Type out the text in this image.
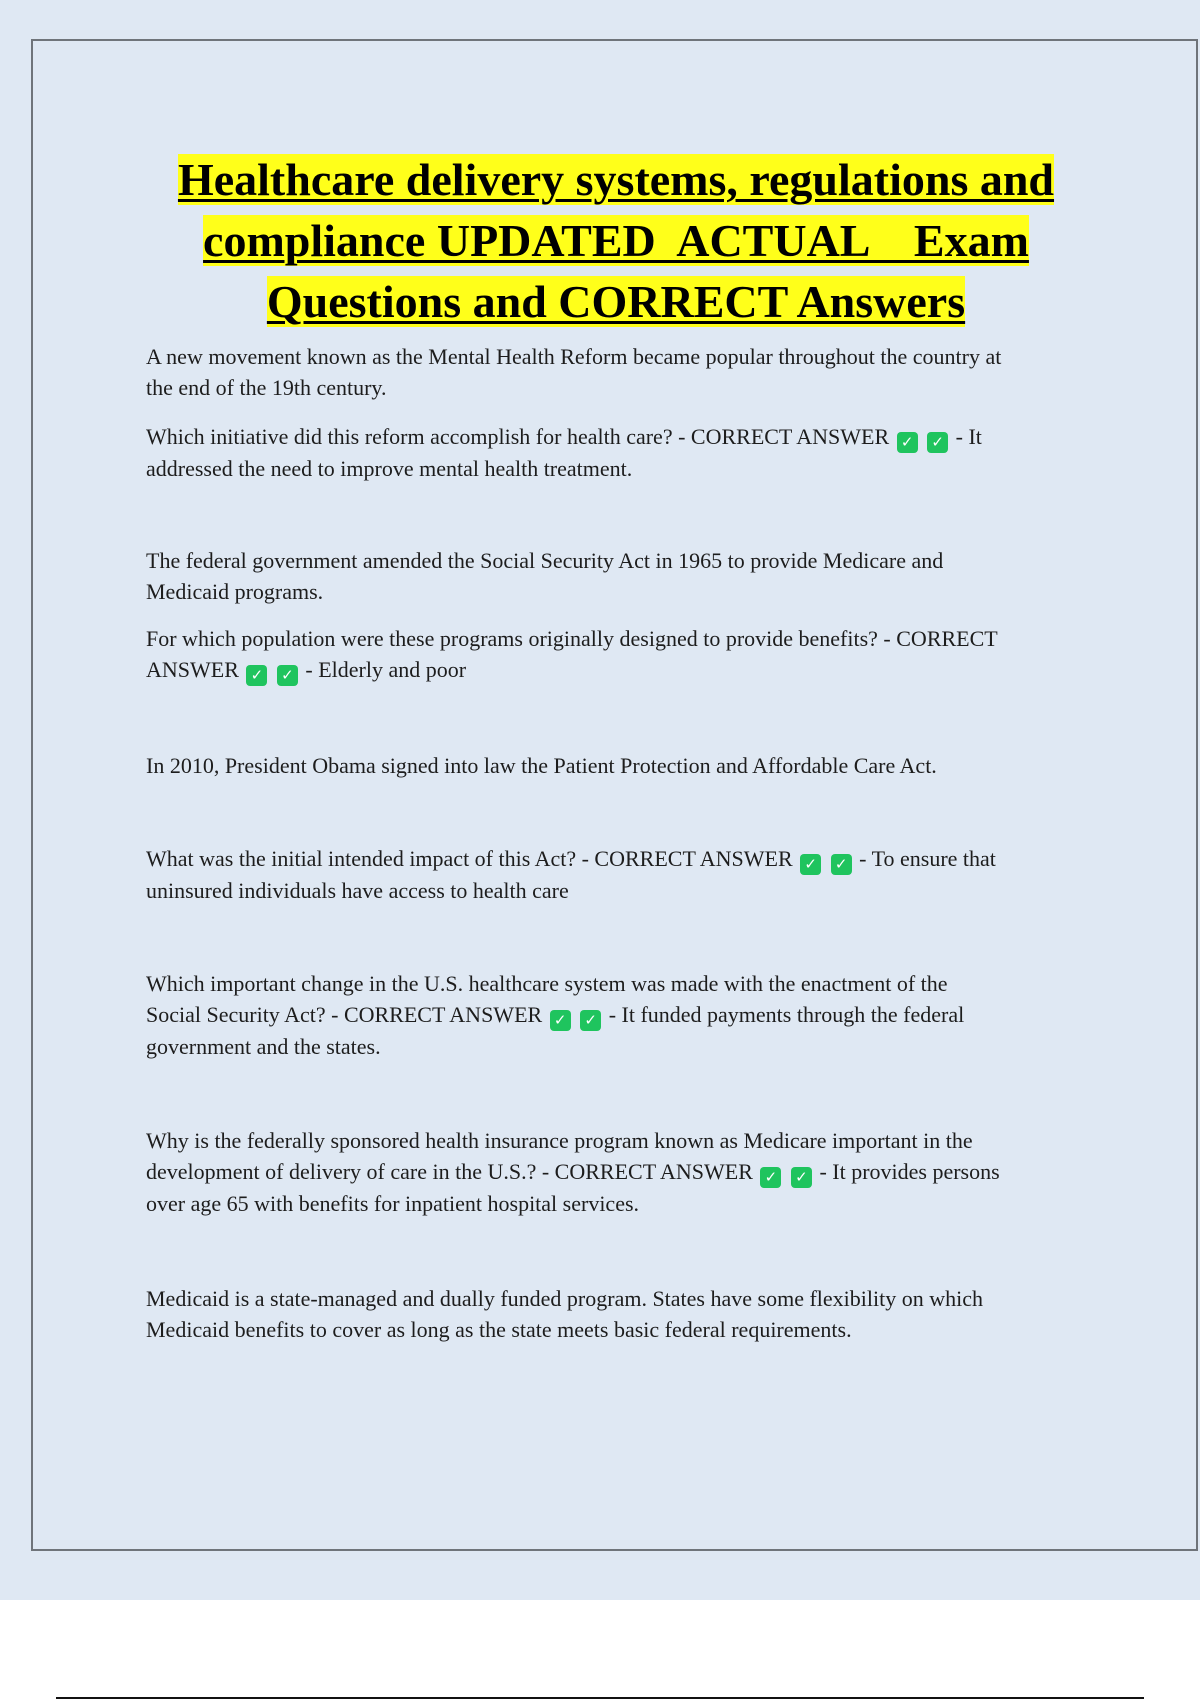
Healthcare delivery systems, regulations and
compliance UPDATED  ACTUAL    Exam
Questions and CORRECT Answers

A new movement known as the Mental Health Reform became popular throughout the country at
the end of the 19th century.

Which initiative did this reform accomplish for health care? - CORRECT ANSWER ✓ ✓ - It
addressed the need to improve mental health treatment.

The federal government amended the Social Security Act in 1965 to provide Medicare and
Medicaid programs.

For which population were these programs originally designed to provide benefits? - CORRECT
ANSWER ✓ ✓ - Elderly and poor

In 2010, President Obama signed into law the Patient Protection and Affordable Care Act.

What was the initial intended impact of this Act? - CORRECT ANSWER ✓ ✓ - To ensure that
uninsured individuals have access to health care

Which important change in the U.S. healthcare system was made with the enactment of the
Social Security Act? - CORRECT ANSWER ✓ ✓ - It funded payments through the federal
government and the states.

Why is the federally sponsored health insurance program known as Medicare important in the
development of delivery of care in the U.S.? - CORRECT ANSWER ✓ ✓ - It provides persons
over age 65 with benefits for inpatient hospital services.

Medicaid is a state-managed and dually funded program. States have some flexibility on which
Medicaid benefits to cover as long as the state meets basic federal requirements.
